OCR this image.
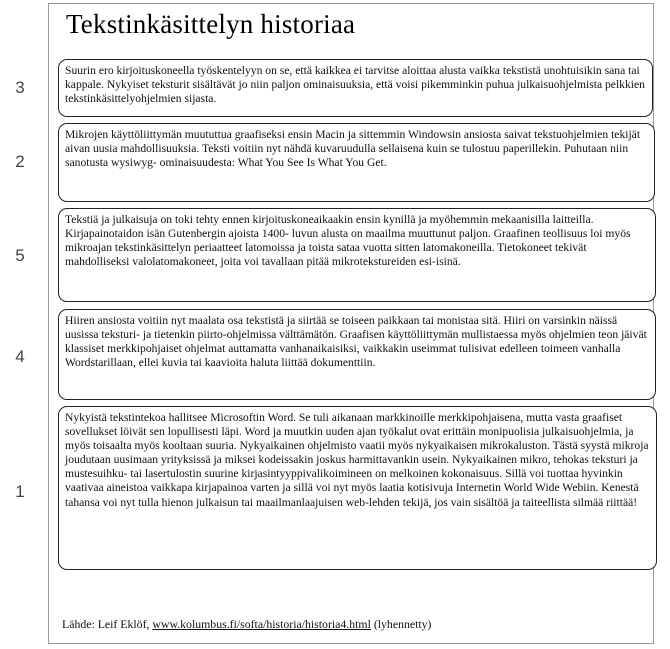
Tekstinkäsittelyn historiaa
3

Suurin ero kirjoituskoneella työskentelyyn on se, että kaikkea ei tarvitse aloittaa alusta vaikka tekstistä unohtuisikin sana tai kappale. Nykyiset teksturit sisältävät jo niin paljon ominaisuuksia, että voisi pikemminkin puhua julkaisuohjelmista pelkkien tekstinkäsittelyohjelmien sijasta.

2

Mikrojen käyttöliittymän muututtua graafiseksi ensin Macin ja sittemmin Windowsin ansiosta saivat tekstuohjelmien tekijät aivan uusia mahdollisuuksia. Teksti voitiin nyt nähdä kuvaruudulla sellaisena kuin se tulostuu paperillekin. Puhutaan niin sanotusta wysiwyg- ominaisuudesta: What You See Is What You Get.

5

Tekstiä ja julkaisuja on toki tehty ennen kirjoituskoneaikaakin ensin kynillä ja myöhemmin mekaanisilla laitteilla. Kirjapainotaidon isän Gutenbergin ajoista 1400- luvun alusta on maailma muuttunut paljon. Graafinen teollisuus loi myös mikroajan tekstinkäsittelyn periaatteet latomoissa ja toista sataa vuotta sitten latomakoneilla. Tietokoneet tekivät mahdolliseksi valolatomakoneet, joita voi tavallaan pitää mikrotekstureiden esi-isinä.

4

Hiiren ansiosta voitiin nyt maalata osa tekstistä ja siirtää se toiseen paikkaan tai monistaa sitä. Hiiri on varsinkin näissä uusissa teksturi- ja tietenkin piirto-ohjelmissa välttämätön. Graafisen käyttöliittymän mullistaessa myös ohjelmien teon jäivät klassiset merkkipohjaiset ohjelmat auttamatta vanhanaikaisiksi, vaikkakin useimmat tulisivat edelleen toimeen vanhalla Wordstarillaan, ellei kuvia tai kaavioita haluta liittää dokumenttiin.

1

Nykyistä tekstintekoa hallitsee Microsoftin Word. Se tuli aikanaan markkinoille merkkipohjaisena, mutta vasta graafiset sovellukset löivät sen lopullisesti läpi. Word ja muutkin uuden ajan työkalut ovat erittäin monipuolisia julkaisuohjelmia, ja myös toisaalta myös kooltaan suuria. Nykyaikainen ohjelmisto vaatii myös nykyaikaisen mikrokaluston. Tästä syystä mikroja joudutaan uusimaan yrityksissä ja miksei kodeissakin joskus harmittavankin usein. Nykyaikainen mikro, tehokas teksturi ja mustesuihku- tai lasertulostin suurine kirjasintyyppivalikoimineen on melkoinen kokonaisuus. Sillä voi tuottaa hyvinkin vaativaa aineistoa vaikkapa kirjapainoa varten ja sillä voi nyt myös laatia kotisivuja Internetin World Wide Webiin. Kenestä tahansa voi nyt tulla hienon julkaisun tai maailmanlaajuisen web-lehden tekijä, jos vain sisältöä ja taiteellista silmää riittää!

Lähde: Leif Eklöf, www.kolumbus.fi/softa/historia/historia4.html (lyhennetty)
